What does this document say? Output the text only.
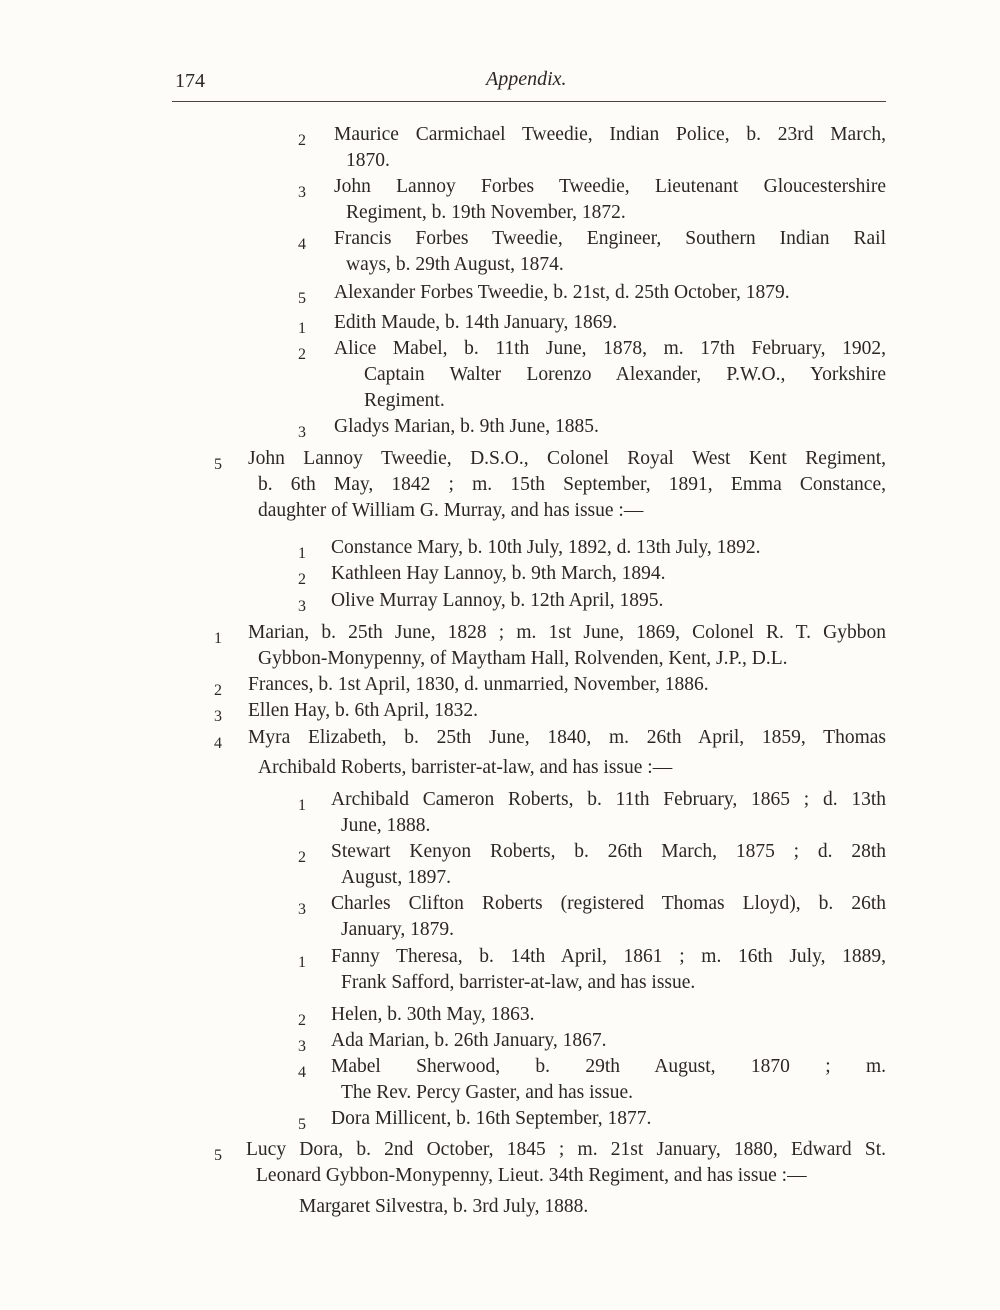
174	Appendix.
2 Maurice Carmichael Tweedie, Indian Police, b. 23rd March,
1870.
3 John Lannoy Forbes Tweedie, Lieutenant Gloucestershire
Regiment, b. 19th November, 1872.
4 Francis Forbes Tweedie, Engineer, Southern Indian Rail
ways, b. 29th August, 1874.
5 Alexander Forbes Tweedie, b. 21st, d. 25th October, 1879.
1 Edith Maude, b. 14th January, 1869.
2 Alice Mabel, b. 11th June, 1878, m. 17th February, 1902,
Captain Walter Lorenzo Alexander, P.W.O., Yorkshire
Regiment.
3 Gladys Marian, b. 9th June, 1885.
5 John Lannoy Tweedie, D.S.O., Colonel Royal West Kent Regiment,
b. 6th May, 1842 ; m. 15th September, 1891, Emma Constance,
daughter of William G. Murray, and has issue :—
1 Constance Mary, b. 10th July, 1892, d. 13th July, 1892.
2 Kathleen Hay Lannoy, b. 9th March, 1894.
3 Olive Murray Lannoy, b. 12th April, 1895.
1 Marian, b. 25th June, 1828 ; m. 1st June, 1869, Colonel R. T. Gybbon
Gybbon-Monypenny, of Maytham Hall, Rolvenden, Kent, J.P., D.L.
2 Frances, b. 1st April, 1830, d. unmarried, November, 1886.
3 Ellen Hay, b. 6th April, 1832.
4 Myra Elizabeth, b. 25th June, 1840, m. 26th April, 1859, Thomas
Archibald Roberts, barrister-at-law, and has issue :—
1 Archibald Cameron Roberts, b. 11th February, 1865 ; d. 13th
June, 1888.
2 Stewart Kenyon Roberts, b. 26th March, 1875 ; d. 28th
August, 1897.
3 Charles Clifton Roberts (registered Thomas Lloyd), b. 26th
January, 1879.
1 Fanny Theresa, b. 14th April, 1861 ; m. 16th July, 1889,
Frank Safford, barrister-at-law, and has issue.
2 Helen, b. 30th May, 1863.
3 Ada Marian, b. 26th January, 1867.
4 Mabel Sherwood, b. 29th August, 1870 ; m.
The Rev. Percy Gaster, and has issue.
5 Dora Millicent, b. 16th September, 1877.
5 Lucy Dora, b. 2nd October, 1845 ; m. 21st January, 1880, Edward St.
Leonard Gybbon-Monypenny, Lieut. 34th Regiment, and has issue :—
Margaret Silvestra, b. 3rd July, 1888.
